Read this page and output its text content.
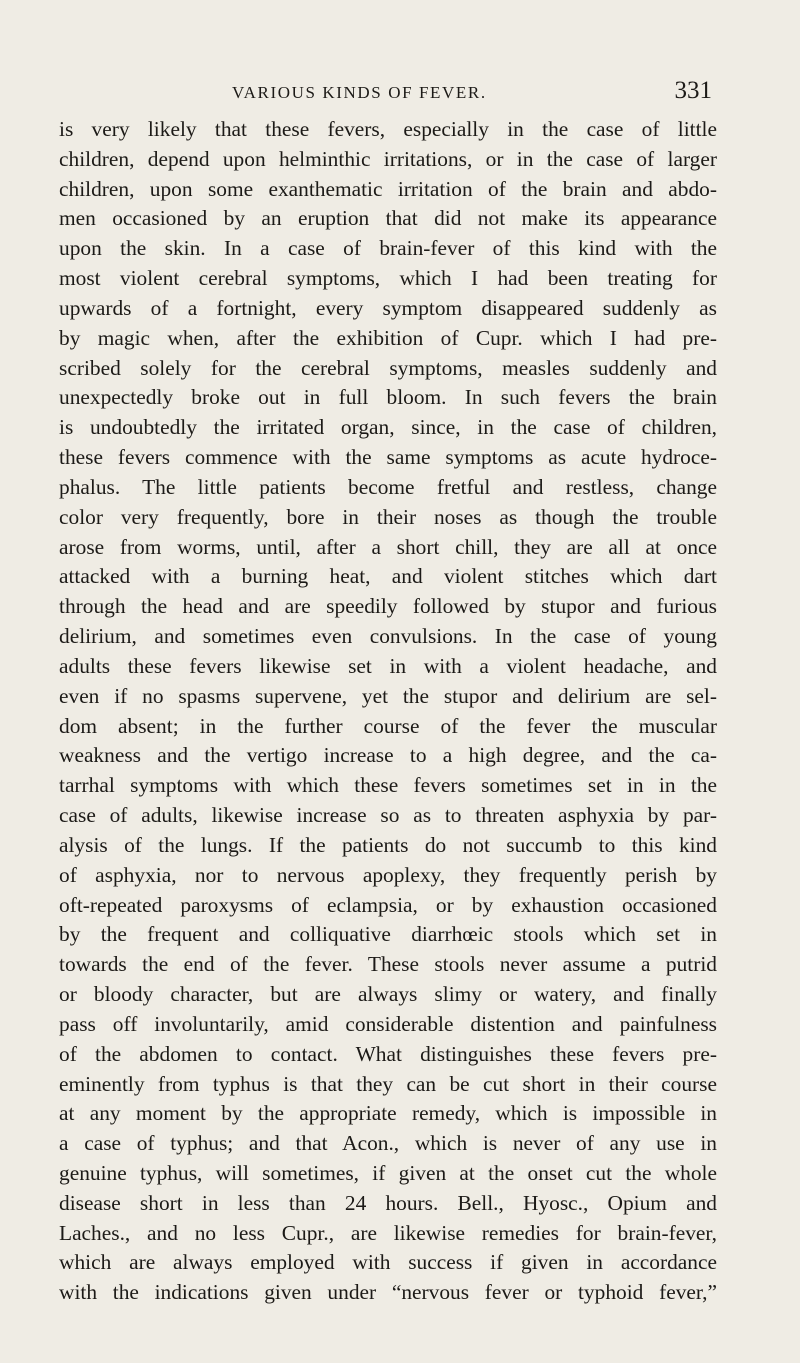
VARIOUS KINDS OF FEVER.	331
is very likely that these fevers, especially in the case of little
children, depend upon helminthic irritations, or in the case of larger
children, upon some exanthematic irritation of the brain and abdo-
men occasioned by an eruption that did not make its appearance
upon the skin. In a case of brain-fever of this kind with the
most violent cerebral symptoms, which I had been treating for
upwards of a fortnight, every symptom disappeared suddenly as
by magic when, after the exhibition of Cupr. which I had pre-
scribed solely for the cerebral symptoms, measles suddenly and
unexpectedly broke out in full bloom. In such fevers the brain
is undoubtedly the irritated organ, since, in the case of children,
these fevers commence with the same symptoms as acute hydroce-
phalus. The little patients become fretful and restless, change
color very frequently, bore in their noses as though the trouble
arose from worms, until, after a short chill, they are all at once
attacked with a burning heat, and violent stitches which dart
through the head and are speedily followed by stupor and furious
delirium, and sometimes even convulsions. In the case of young
adults these fevers likewise set in with a violent headache, and
even if no spasms supervene, yet the stupor and delirium are sel-
dom absent; in the further course of the fever the muscular
weakness and the vertigo increase to a high degree, and the ca-
tarrhal symptoms with which these fevers sometimes set in in the
case of adults, likewise increase so as to threaten asphyxia by par-
alysis of the lungs. If the patients do not succumb to this kind
of asphyxia, nor to nervous apoplexy, they frequently perish by
oft-repeated paroxysms of eclampsia, or by exhaustion occasioned
by the frequent and colliquative diarrhœic stools which set in
towards the end of the fever. These stools never assume a putrid
or bloody character, but are always slimy or watery, and finally
pass off involuntarily, amid considerable distention and painfulness
of the abdomen to contact. What distinguishes these fevers pre-
eminently from typhus is that they can be cut short in their course
at any moment by the appropriate remedy, which is impossible in
a case of typhus; and that Acon., which is never of any use in
genuine typhus, will sometimes, if given at the onset cut the whole
disease short in less than 24 hours. Bell., Hyosc., Opium and
Laches., and no less Cupr., are likewise remedies for brain-fever,
which are always employed with success if given in accordance
with the indications given under “nervous fever or typhoid fever,”
